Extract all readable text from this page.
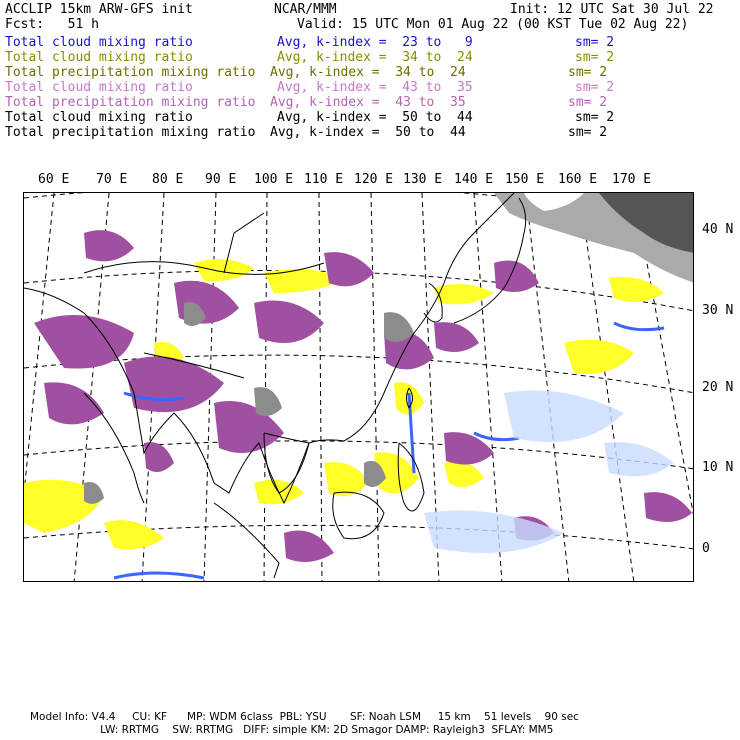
ACCLIP 15km ARW-GFS init	NCAR/MMM	Init: 12 UTC Sat 30 Jul 22
Fcst:   51 h	Valid: 15 UTC Mon 01 Aug 22 (00 KST Tue 02 Aug 22)
Total cloud mixing ratio	Avg, k-index =  23 to   9	sm= 2
Total cloud mixing ratio	Avg, k-index =  34 to  24	sm= 2
Total precipitation mixing ratio Avg, k-index =  34 to  24	sm= 2
Total cloud mixing ratio	Avg, k-index =  43 to  35	sm= 2
Total precipitation mixing ratio Avg, k-index =  43 to  35	sm= 2
Total cloud mixing ratio	Avg, k-index =  50 to  44	sm= 2
Total precipitation mixing ratio Avg, k-index =  50 to  44	sm= 2
60 E 70 E 80 E 90 E 100 E 110 E 120 E 130 E 140 E 150 E 160 E 170 E
40 N
30 N
20 N
10 N
0
Model Info: V4.4     CU: KF      MP: WDM 6class  PBL: YSU       SF: Noah LSM     15 km    51 levels    90 sec
LW: RRTMG    SW: RRTMG   DIFF: simple KM: 2D Smagor DAMP: Rayleigh3  SFLAY: MM5
